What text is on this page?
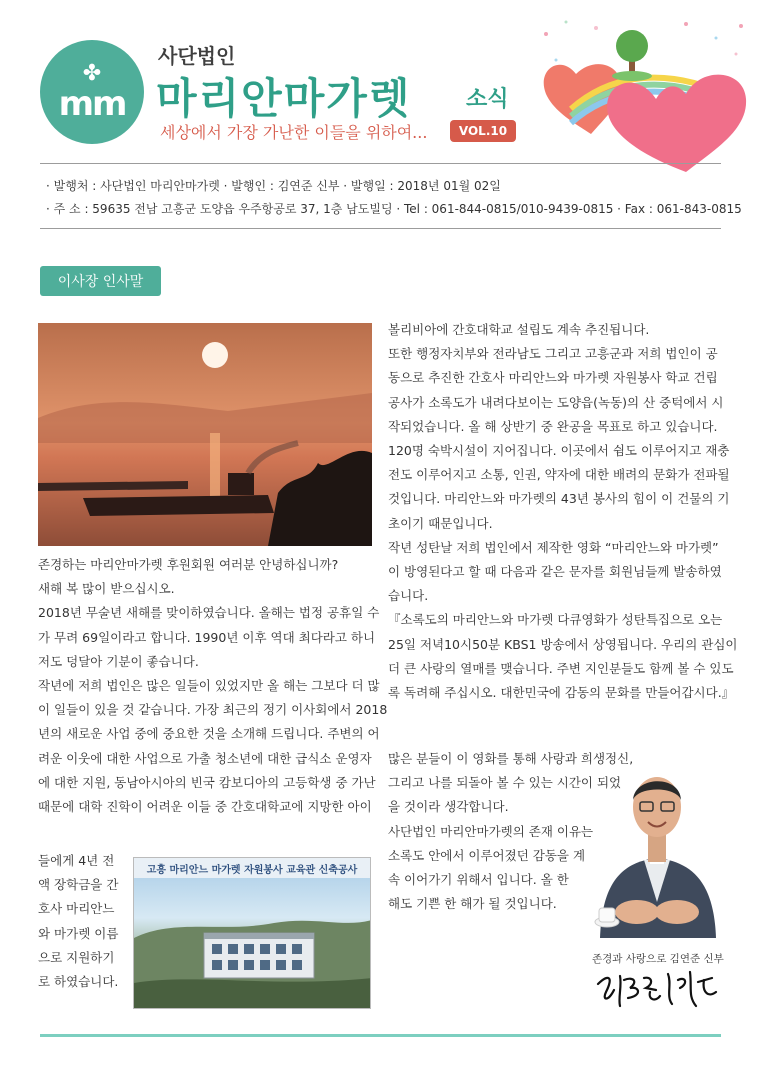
✤
mm
사단법인
마리안마가렛 소식
세상에서 가장 가난한 이들을 위하여...	VOL.10
· 발행처 : 사단법인 마리안마가렛 · 발행인 : 김연준 신부 · 발행일 : 2018년 01월 02일
· 주 소 : 59635 전남 고흥군 도양읍 우주항공로 37, 1층 남도빌딩 · Tel : 061-844-0815/010-9439-0815 · Fax : 061-843-0815
이사장 인사말

존경하는 마리안마가렛 후원회원 여러분 안녕하십니까?

새해 복 많이 받으십시오.

2018년 무술년 새해를 맞이하였습니다. 올해는 법정 공휴일 수

가 무려 69일이라고 합니다. 1990년 이후 역대 최다라고 하니

저도 덩달아 기분이 좋습니다.

작년에 저희 법인은 많은 일들이 있었지만 올 해는 그보다 더 많

이 일들이 있을 것 같습니다. 가장 최근의 정기 이사회에서 2018

년의 새로운 사업 중에 중요한 것을 소개해 드립니다. 주변의 어

려운 이웃에 대한 사업으로 가출 청소년에 대한 급식소 운영자

에 대한 지원, 동남아시아의 빈국 캄보디아의 고등학생 중 가난

때문에 대학 진학이 어려운 이들 중 간호대학교에 지망한 아이

들에게 4년 전

액 장학금을 간

호사 마리안느

와 마가렛 이름

으로 지원하기

로 하였습니다.

고흥 마리안느 마가렛 자원봉사 교육관 신축공사

볼리비아에 간호대학교 설립도 계속 추진됩니다.

또한 행정자치부와 전라남도 그리고 고흥군과 저희 법인이 공

동으로 추진한 간호사 마리안느와 마가렛 자원봉사 학교 건립

공사가 소록도가 내려다보이는 도양읍(녹동)의 산 중턱에서 시

작되었습니다. 올 해 상반기 중 완공을 목표로 하고 있습니다.

120명 숙박시설이 지어집니다. 이곳에서 쉼도 이루어지고 재충

전도 이루어지고 소통, 인권, 약자에 대한 배려의 문화가 전파될

것입니다. 마리안느와 마가렛의 43년 봉사의 힘이 이 건물의 기

초이기 때문입니다.

작년 성탄날 저희 법인에서 제작한 영화 “마리안느와 마가렛”

이 방영된다고 할 때 다음과 같은 문자를 회원님들께 발송하였

습니다.

『소록도의 마리안느와 마가렛 다큐영화가 성탄특집으로 오는

25일 저녁10시50분 KBS1 방송에서 상영됩니다. 우리의 관심이

더 큰 사랑의 열매를 맺습니다. 주변 지인분들도 함께 볼 수 있도

록 독려해 주십시오. 대한민국에 감동의 문화를 만들어갑시다.』

많은 분들이 이 영화를 통해 사랑과 희생정신,

그리고 나를 되돌아 볼 수 있는 시간이 되었

을 것이라 생각합니다.

사단법인 마리안마가렛의 존재 이유는

소록도 안에서 이루어졌던 감동을 계

속 이어가기 위해서 입니다. 올 한

해도 기쁜 한 해가 될 것입니다.

존경과 사랑으로 김연준 신부
